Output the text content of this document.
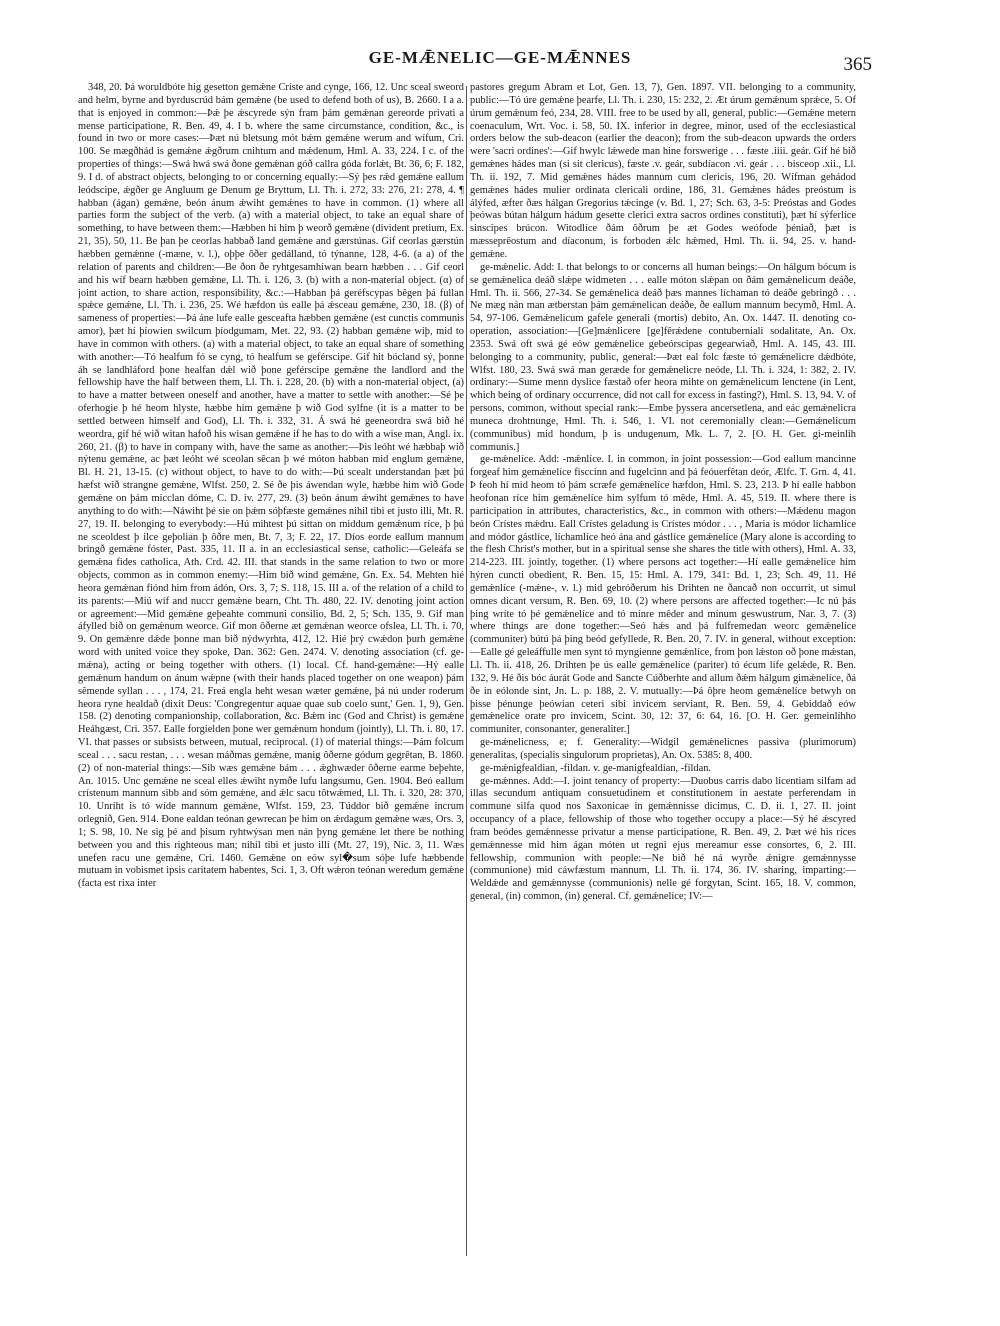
GE-MǢNELIC—GE-MǢNNES	365

348, 20. Þá woruldbóte hig gesetton gemǽne Críste and cynge, 166, 12. Unc sceal sweord and helm, byrne and byrduscrúd bám gemǽne (be used to defend both of us), B. 2660. I a a. that is enjoyed in common:—Þǽ þe ǽscyrede sýn fram þám gemǽnan gereorde privati a mense participatione, R. Ben. 49, 4. I b. where the same circumstance, condition, &c., is found in two or more cases:—Þæt nú bletsung mót bǽm gemǽne werum and wífum, Cri. 100. Se mægðhád is gemǽne ǽgðrum cnihtum and mǽdenum, Hml. A. 33, 224. I c. of the properties of things:—Swá hwá swá ðone gemǽnan góð callra góda forlǽt, Bt. 36, 6; F. 182, 9. I d. of abstract objects, belonging to or concerning equally:—Sý þes rǽd gemǽne eallum leódscipe, ǽgðer ge Angluum ge Denum ge Bryttum, Ll. Th. i. 272, 33: 276, 21: 278, 4. ¶ habban (ágan) gemǽne, beón ánum ǽwiht gemǽnes to have in common. (1) where all parties form the subject of the verb. (a) with a material object, to take an equal share of something, to have between them:—Hæbben hí him þ weorð gemǽne (divident pretium, Ex. 21, 35), 50, 11. Be þan þe ceorlas habbað land gemǽne and gærstúnas. Gif ceorlas gærstún hæbben gemǽnne (-mæne, v. l.), oþþe ôðer gedálland, tó týnanne, 128, 4-6. (a a) of the relation of parents and children:—Be ðon ðe ryhtgesamhíwan bearn hæbben . . . Gif ceorl and his wíf bearn hæbben gemǽne, Ll. Th. i. 126, 3. (b) with a non-material object. (α) of joint action, to share action, responsibility, &c.:—Habban þá geréfscypas bêgen þá fullan spǽce gemǽne, Ll. Th. i. 236, 25. Wé hæfdon ús ealle þá ǽsceau gemǽne, 230, 18. (β) of sameness of properties:—Þá áne lufe ealle gesceafta hæbben gemǽne (est cunctis communis amor), þæt hí þíowien swilcum þíodgumam, Met. 22, 93. (2) habban gemǽne wiþ, mid to have in common with others. (a) with a material object, to take an equal share of something with another:—Tó healfum fó se cyng, tó healfum se geférscipe. Gif hit bócland sý, þonne áh se landhláford þone healfan dǽl wið þone geférscipe gemǽne the landlord and the fellowship have the half between them, Ll. Th. i. 228, 20. (b) with a non-material object, (a) to have a matter between oneself and another, have a matter to settle with another:—Sé þe oferhogie þ hé heom hlyste, hæbbe him gemǽne þ wið God sylfne (it is a matter to be settled between himself and God), Ll. Th. i. 332, 31. Á swá hé geeneordra swá bið hé weordra, gif hé wið witan hafoð his wisan gemǽne if he has to do with a wise man, Angl. ix. 260, 21. (β) to have in company with, have the same as another:—Þis leóht wé hæbbaþ wið nýtenu gemǽne, ac þæt leóht wé sceolan sêcan þ wé móton habban mid englum gemǽne, Bl. H. 21, 13-15. (c) without object, to have to do with:—Þú scealt understandan þæt þú hæfst wið strangne gemǽne, Wlfst. 250, 2. Sé ðe þis áwendan wyle, hæbbe him wið Gode gemǽne on þám micclan dóme, C. D. iv. 277, 29. (3) beón ánum ǽwiht gemǽnes to have anything to do with:—Náwiht þé sie on þǽm sóþfæste gemǽnes nihil tibi et justo illi, Mt. R. 27, 19. II. belonging to everybody:—Hú mihtest þú sittan on middum gemǽnum ríce, þ þú ne sceoldest þ ilce geþolian þ ôðre men, Bt. 7, 3; F. 22, 17. Díos eorde eallum mannum bringð gemǽne fóster, Past. 335, 11. II a. in an ecclesiastical sense, catholic:—Geleáfa se gemǽna fides catholica, Ath. Crd. 42. III. that stands in the same relation to two or more objects, common as in common enemy:—Him bið wind gemǽne, Gn. Ex. 54. Mehten hié heora gemǽnan fiónd him from ádón, Ors. 3, 7; S. 118, 15. III a. of the relation of a child to its parents:—Miú wíf and nuccr gemǽne bearn, Cht. Th. 480, 22. IV. denoting joint action or agreement:—Mid gemǽne geþeahte communi consilio, Bd. 2, 5; Sch. 135, 9. Gif man áfylled bið on gemǽnum weorce. Gif mon ôðerne æt gemǽnan weorce ofslea, Ll. Th. i. 70, 9. On gemǽnre dǽde þonne man bið nýdwyrhta, 412, 12. Hié þrý cwǽdon þurh gemǽne word with united voice they spoke, Dan. 362: Gen. 2474. V. denoting association (cf. ge-mǽna), acting or being together with others. (1) local. Cf. hand-gemǽne:—Hý ealle gemǽnum handum on ánum wǽpne (with their hands placed together on one weapon) þám sêmende syllan . . . , 174, 21. Freá engla heht wesan wæter gemǽne, þá nú under roderum heora ryne healdað (dixit Deus: 'Congregentur aquae quae sub coelo sunt,' Gen. 1, 9), Gen. 158. (2) denoting companionship, collaboration, &c. Bǽm inc (God and Christ) is gemǽne Heáhgæst, Cri. 357. Ealle forgielden þone wer gemǽnum hondum (jointly), Ll. Th. i. 80, 17. VI. that passes or subsists between, mutual, reciprocal. (1) of material things:—Þám folcum sceal . . . sacu restan, . . . wesan máðmas gemǽne, manig ôðerne gódum gegrêtan, B. 1860. (2) of non-material things:—Sib wæs gemǽne bám . . . ǽghwæder ôðerne earme beþehte, An. 1015. Unc gemǽne ne sceal elles ǽwiht nymðe lufu langsumu, Gen. 1904. Beó eallum crístenum mannum sibb and sóm gemǽne, and ǽlc sacu tôtwǽmed, Ll. Th. i. 320, 28: 370, 10. Unriht is tó wíde mannum gemǽne, Wlfst. 159, 23. Túddor bið gemǽne incrum orlegnið, Gen. 914. Ðone ealdan teónan gewrecan þe him on ǽrdagum gemǽne wæs, Ors. 3, 1; S. 98, 10. Ne sig þé and þisum ryhtwýsan men nán þyng gemǽne let there be nothing between you and this righteous man; nihil tibi et justo illi (Mt. 27, 19), Nic. 3, 11. Wæs unefen racu une gemǽne, Cri. 1460. Gemǽne on eów syl�sum sóþe lufe hæbbende mutuam in vobismet ipsis caritatem habentes, Sci. 1, 3. Oft wǽron teónan weredum gemǽne (facta est rixa inter

pastores gregum Abram et Lot, Gen. 13, 7), Gen. 1897. VII. belonging to a community, public:—Tó úre gemǽne þearfe, Ll. Th. i. 230, 15: 232, 2. Æt úrum gemǽnum sprǽce, 5. Of úrum gemǽnum feó, 234, 28. VIII. free to be used by all, general, public:—Gemǽne metern coenaculum, Wrt. Voc. i. 58, 50. IX. inferior in degree, minor, used of the ecclesiastical orders below the sub-deacon (earlier the deacon); from the sub-deacon upwards the orders were 'sacri ordines':—Gif hwylc lǽwede man hine forswerige . . . fæste .iiii. geár. Gif hé bið gemǽnes hádes man (si sit clericus), fæste .v. geár, subdíacon .vi. geár . . . bisceop .xii., Ll. Th. ii. 192, 7. Mid gemǽnes hádes mannum cum clericis, 196, 20. Wífman gehádod gemǽnes hádes mulier ordinata clericali ordine, 186, 31. Gemǽnes hádes preóstum is álýfed, æfter ðæs hálgan Gregorius tǽcinge (v. Bd. 1, 27; Sch. 63, 3-5: Preóstas and Godes þeówas bútan hálgum hádum gesette clerici extra sacros ordines constituti), þæt hí sýferlíce sinscipes brúcon. Witodlíce ðám ôðrum þe æt Godes weófode þéniað, þæt is mæsseprêostum and díaconum, is forboden ǽlc hǽmed, Hml. Th. ii. 94, 25. v. hand-gemǽne.

ge-mǽnelic. Add: I. that belongs to or concerns all human beings:—On hálgum bócum is se gemǽnelica deáð slǽpe widmeten . . . ealle móton slǽpan on ðám gemǽnelicum deáðe, Hml. Th. ii. 566, 27-34. Se gemǽnelica deáð þæs mannes líchaman tó deáðe gebringð . . . Ne mæg nán man ætberstan þám gemǽnelican deáðe, ðe eallum mannum becymð, Hml. A. 54, 97-106. Gemǽnelicum gafele generali (mortis) debito, An. Ox. 1447. II. denoting co-operation, association:—[Ge]mǽnlicere [ge]fêrǽdene contuberniali sodalitate, An. Ox. 2353. Swá oft swá gé eów gemǽnelice gebeórscipas gegearwiað, Hml. A. 145, 43. III. belonging to a community, public, general:—Þæt eal folc fæste tó gemǽnelicre dǽdbóte, Wlfst. 180, 23. Swá swá man geræde for gemǽnelicre neóde, Ll. Th. i. 324, 1: 382, 2. IV. ordinary:—Sume menn dyslice fæstað ofer heora mihte on gemǽnelicum lenctene (in Lent, which being of ordinary occurrence, did not call for excess in fasting?), Hml. S. 13, 94. V. of persons, common, without special rank:—Embe þyssera ancersetlena, and eác gemǽnelicra muneca drohtnunge, Hml. Th. i. 546, 1. VI. not ceremonially clean:—Gemǽnelicum (communibus) mid hondum, þ is undugenum, Mk. L. 7, 2. [O. H. Ger. gi-meinlih communis.]

ge-mǽnelíce. Add: -mǽnlíce. I. in common, in joint possession:—God eallum mancinne forgeaf him gemǽnelíce fisccinn and fugelcinn and þá feóuerfêtan deór, Ælfc. T. Grn. 4, 41. Þ feoh hí mid heom tó þám scræfe gemǽnelíce hæfdon, Hml. S. 23, 213. Þ hí ealle habbon heofonan ríce him gemǽnelíce him sylfum tó mêde, Hml. A. 45, 519. II. where there is participation in attributes, characteristics, &c., in common with others:—Mǽdenu magon beón Crístes mǽdru. Eall Crístes geladung is Crístes módor . . . , Maria is módor líchamlíce and módor gástlíce, líchamlíce heó ána and gástlíce gemǽnelíce (Mary alone is according to the flesh Christ's mother, but in a spiritual sense she shares the title with others), Hml. A. 33, 214-223. III. jointly, together. (1) where persons act together:—Hí ealle gemǽnelíce him hýren cuncti obedient, R. Ben. 15, 15: Hml. A. 179, 341: Bd. 1, 23; Sch. 49, 11. Hé gemǽnlíce (-mǽne-, v. l.) mid gebróðerum his Drihten ne ðancað non occurrit, ut simul omnes dicant versum, R. Ben. 69, 10. (2) where persons are affected together:—Ic nú þás þing wríte tó þé gemǽnelíce and tó mínre mêder and mínum geswustrum, Nar. 3, 7. (3) where things are done together:—Seó hǽs and þá fulfremedan weorc gemǽnelíce (communiter) bútú þá þing beód gefyllede, R. Ben. 20, 7. IV. in general, without exception:—Ealle gé geleáffulle men synt tó myngienne gemǽnlíce, from þon lǽston oð þone mǽstan, Ll. Th. ii. 418, 26. Drihten þe ús ealle gemǽnelíce (pariter) tó écum lífe gelǽde, R. Ben. 132, 9. Hé ðis bóc áurát Gode and Sancte Cúðberhte and allum ðǽm hálgum gimǽnelíce, ðá ðe in eólonde sint, Jn. L. p. 188, 2. V. mutually:—Þá ôþre heom gemǽnelíce betwyh on þisse þénunge þeówian ceteri sibi invicem serviant, R. Ben. 59, 4. Gebiddað eów gemǽnelíce orate pro invicem, Scint. 30, 12: 37, 6: 64, 16. [O. H. Ger. gemeinlíhho communiter, consonanter, generaliter.]

ge-mǽnelicness, e; f. Generality:—Widgil gemǽnelicnes passiva (plurimorum) generalitas, (specialis singulorum proprietas), An. Ox. 5385: 8, 400.

ge-mǽnigfealdian, -fildan. v. ge-manigfealdian, -fildan.

ge-mǽnnes. Add:—I. joint tenancy of property:—Duobus carris dabo licentiam silfam ad illas secundum antiquam consuetudinem et constitutionem in aestate perferendam in commune silfa quod nos Saxonicae in gemǽnnisse dicimus, C. D. ii. 1, 27. II. joint occupancy of a place, fellowship of those who together occupy a place:—Sý hé ǽscyred fram beódes gemǽnnesse privatur a mense participatione, R. Ben. 49, 2. Þæt wé his ríces gemǽnnesse mid him ágan móten ut regni ejus mereamur esse consortes, 6, 2. III. fellowship, communion with people:—Ne bið hé ná wyrðe ǽnigre gemǽnnysse (communione) mid cáwfæstum mannum, Ll. Th. ii. 174, 36. IV. sharing, imparting:—Weldǽde and gemǽnnysse (communionis) nelle gé forgytan, Scint. 165, 18. V. common, general, (in) common, (in) general. Cf. gemǽnelíce; IV:—
